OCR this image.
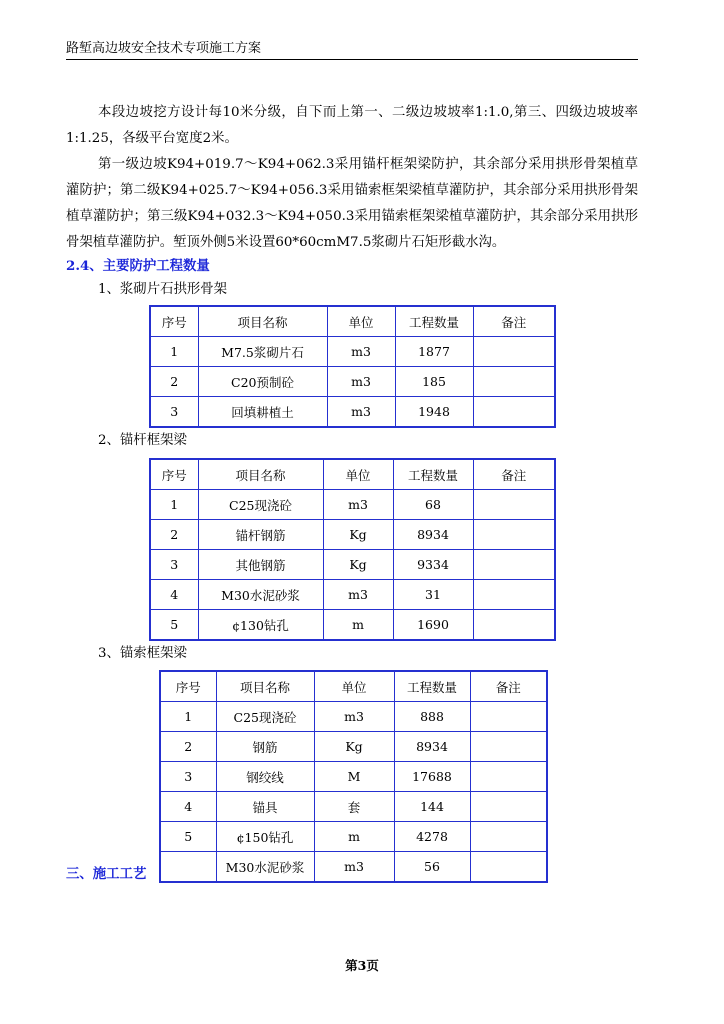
路堑高边坡安全技术专项施工方案

本段边坡挖方设计每10米分级，自下而上第一、二级边坡坡率1:1.0,第三、四级边坡坡率1:1.25，各级平台宽度2米。

第一级边坡K94+019.7～K94+062.3采用锚杆框架梁防护，其余部分采用拱形骨架植草灌防护；第二级K94+025.7～K94+056.3采用锚索框架梁植草灌防护，其余部分采用拱形骨架植草灌防护；第三级K94+032.3～K94+050.3采用锚索框架梁植草灌防护，其余部分采用拱形骨架植草灌防护。堑顶外侧5米设置60*60cmM7.5浆砌片石矩形截水沟。

2.4、主要防护工程数量
1、浆砌片石拱形骨架
序号	项目名称	单位	工程数量	备注
1	M7.5浆砌片石	m3	1877	
2	C20预制砼	m3	185	
3	回填耕植土	m3	1948	
2、锚杆框架梁
序号	项目名称	单位	工程数量	备注
1	C25现浇砼	m3	68	
2	锚杆钢筋	Kg	8934	
3	其他钢筋	Kg	9334	
4	M30水泥砂浆	m3	31	
5	¢130钻孔	m	1690	
3、锚索框架梁
序号	项目名称	单位	工程数量	备注
1	C25现浇砼	m3	888	
2	钢筋	Kg	8934	
3	钢绞线	M	17688	
4	锚具	套	144	
5	¢150钻孔	m	4278	
	M30水泥砂浆	m3	56	
三、施工工艺
第3页
